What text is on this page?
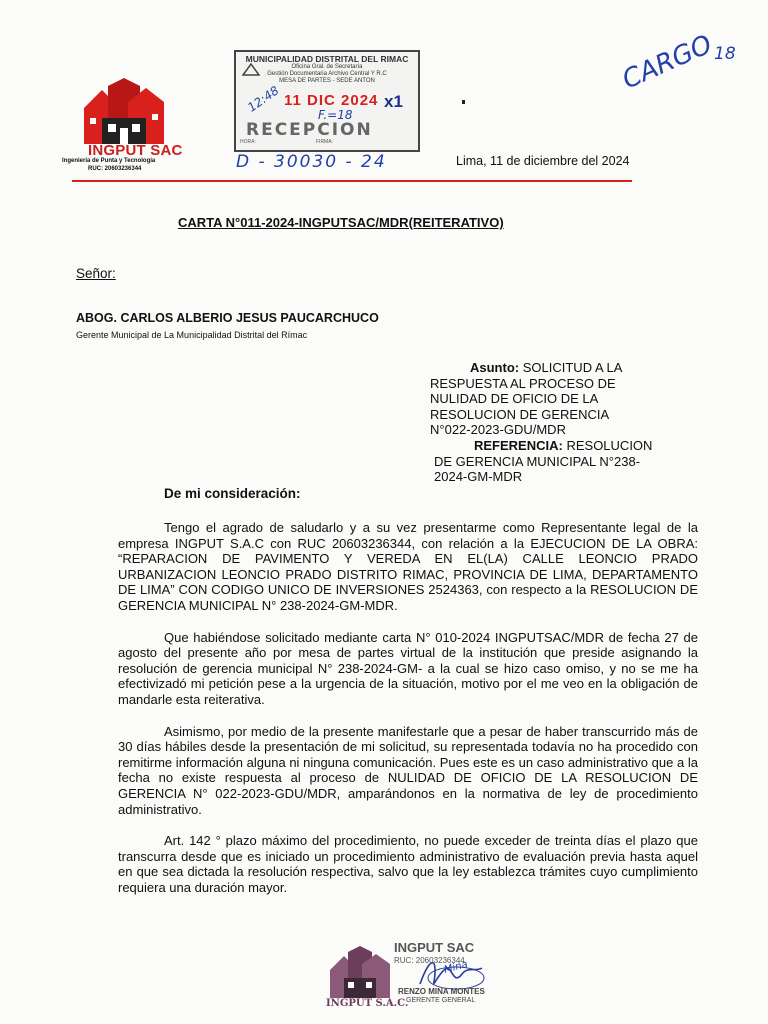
INGPUT SAC
Ingeniería de Punta y Tecnología
RUC: 20603236344
MUNICIPALIDAD DISTRITAL DEL RIMAC
Oficina Gral. de Secretaría
Gestión Documentaria Archivo Central Y R.C
MESA DE PARTES - SEDE ANTON
11 DIC 2024
RECEPCION
HORA:	FIRMA:
12:48
F.=18
x1
D - 30030 - 24
CARGO
18
Lima, 11 de diciembre del 2024
CARTA N°011-2024-INGPUTSAC/MDR(REITERATIVO)
Señor:
ABOG. CARLOS ALBERIO JESUS PAUCARCHUCO
Gerente Municipal de La Municipalidad Distrital del Rímac
Asunto: SOLICITUD A LA
RESPUESTA AL PROCESO DE
NULIDAD DE OFICIO DE LA
RESOLUCION DE GERENCIA
N°022-2023-GDU/MDR
REFERENCIA: RESOLUCION
DE GERENCIA MUNICIPAL N°238-
2024-GM-MDR
De mi consideración:

Tengo el agrado de saludarlo y a su vez presentarme como Representante legal de la empresa INGPUT S.A.C con RUC 20603236344, con relación a la EJECUCION DE LA OBRA: “REPARACION DE PAVIMENTO Y VEREDA EN EL(LA) CALLE LEONCIO PRADO URBANIZACION LEONCIO PRADO DISTRITO RIMAC, PROVINCIA DE LIMA, DEPARTAMENTO DE LIMA” CON CODIGO UNICO DE INVERSIONES 2524363, con respecto a la RESOLUCION DE GERENCIA MUNICIPAL N° 238-2024-GM-MDR.

Que habiéndose solicitado mediante carta N° 010-2024 INGPUTSAC/MDR de fecha 27 de agosto del presente año por mesa de partes virtual de la institución que preside asignando la resolución de gerencia municipal N° 238-2024-GM- a la cual se hizo caso omiso, y no se me ha efectivizadó mi petición pese a la urgencia de la situación, motivo por el me veo en la obligación de mandarle esta reiterativa.

Asimismo, por medio de la presente manifestarle que a pesar de haber transcurrido más de 30 días hábiles desde la presentación de mi solicitud, su representada todavía no ha procedido con remitirme información alguna ni ninguna comunicación. Pues este es un caso administrativo que a la fecha no existe respuesta al proceso de NULIDAD DE OFICIO DE LA RESOLUCION DE GERENCIA N° 022-2023-GDU/MDR, amparándonos en la normativa de ley de procedimiento administrativo.

Art. 142 ° plazo máximo del procedimiento, no puede exceder de treinta días el plazo que transcurra desde que es iniciado un procedimiento administrativo de evaluación previa hasta aquel en que sea dictada la resolución respectiva, salvo que la ley establezca trámites cuyo cumplimiento requiera una duración mayor.

INGPUT S.A.C.
INGPUT SAC
RUC: 20603236344
Mina
RENZO MINA MONTES
GERENTE GENERAL
